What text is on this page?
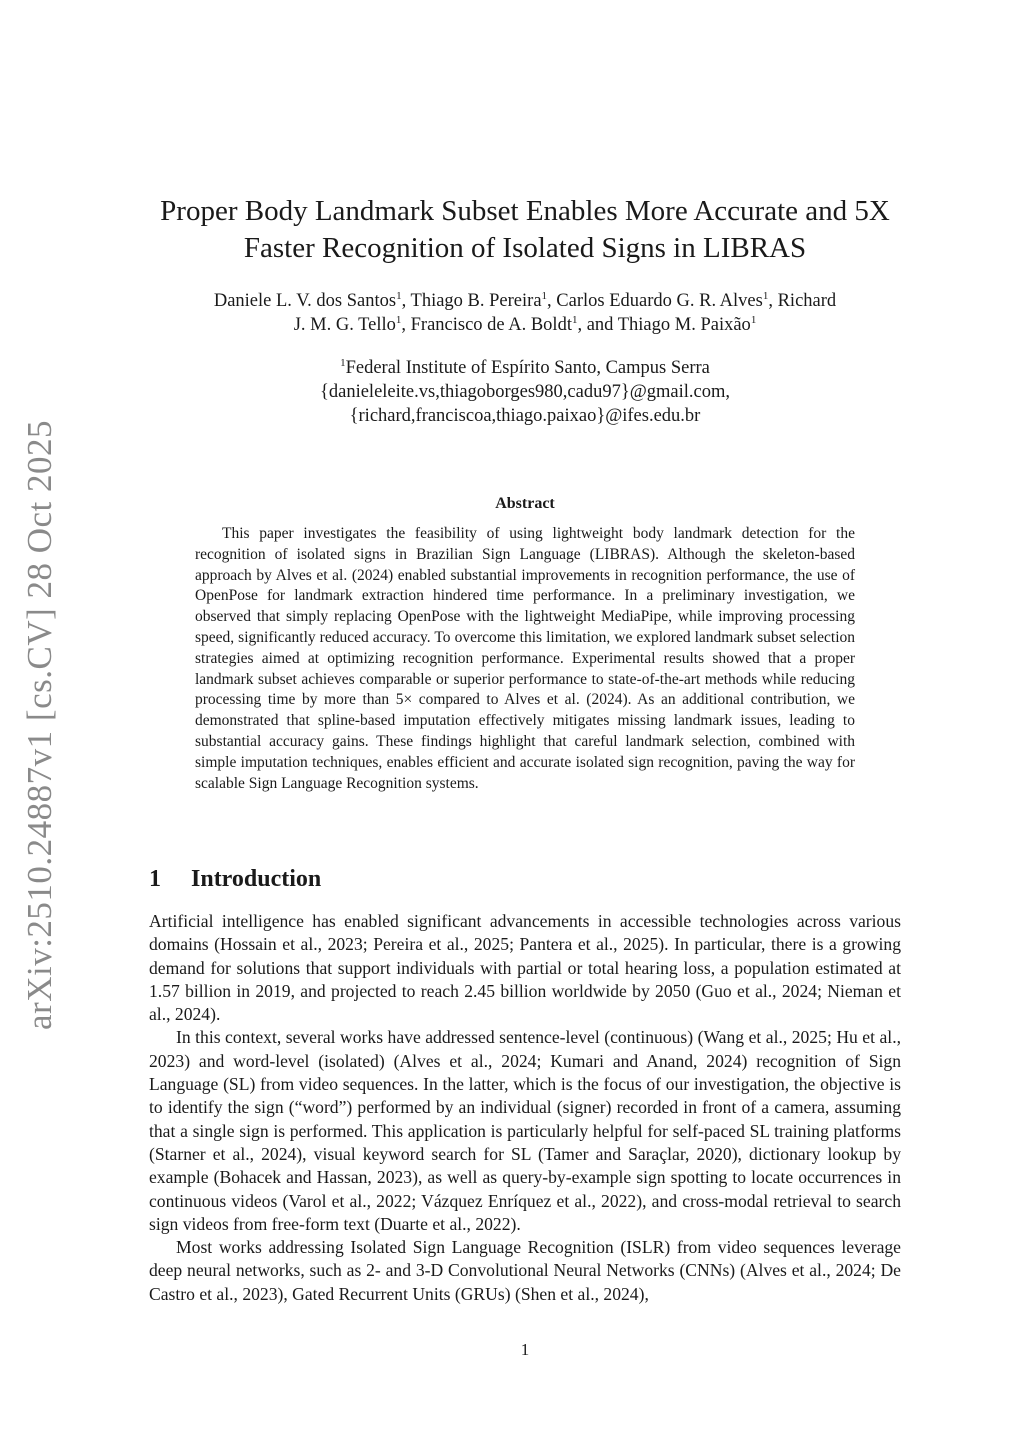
arXiv:2510.24887v1 [cs.CV] 28 Oct 2025
Proper Body Landmark Subset Enables More Accurate and 5X
Faster Recognition of Isolated Signs in LIBRAS
Daniele L. V. dos Santos$^1$, Thiago B. Pereira$^1$, Carlos Eduardo G. R. Alves$^1$, Richard
J. M. G. Tello$^1$, Francisco de A. Boldt$^1$, and Thiago M. Paixão$^1$
$^1$Federal Institute of Espírito Santo, Campus Serra
{danieleleite.vs,thiagoborges980,cadu97}@gmail.com,
{richard,franciscoa,thiago.paixao}@ifes.edu.br
Abstract

This paper investigates the feasibility of using lightweight body landmark detection for the recognition of isolated signs in Brazilian Sign Language (LIBRAS). Although the skeleton-based approach by Alves et al. (2024) enabled substantial improvements in recognition performance, the use of OpenPose for landmark extraction hindered time performance. In a preliminary investigation, we observed that simply replacing OpenPose with the lightweight MediaPipe, while improving processing speed, significantly reduced accuracy. To overcome this limitation, we explored landmark subset selection strategies aimed at optimizing recognition performance. Experimental results showed that a proper landmark subset achieves comparable or superior performance to state-of-the-art methods while reducing processing time by more than 5× compared to Alves et al. (2024). As an additional contribution, we demonstrated that spline-based imputation effectively mitigates missing landmark issues, leading to substantial accuracy gains. These findings highlight that careful landmark selection, combined with simple imputation techniques, enables efficient and accurate isolated sign recognition, paving the way for scalable Sign Language Recognition systems.

1 Introduction

Artificial intelligence has enabled significant advancements in accessible technologies across various domains (Hossain et al., 2023; Pereira et al., 2025; Pantera et al., 2025). In particular, there is a growing demand for solutions that support individuals with partial or total hearing loss, a population estimated at 1.57 billion in 2019, and projected to reach 2.45 billion worldwide by 2050 (Guo et al., 2024; Nieman et al., 2024).

In this context, several works have addressed sentence-level (continuous) (Wang et al., 2025; Hu et al., 2023) and word-level (isolated) (Alves et al., 2024; Kumari and Anand, 2024) recognition of Sign Language (SL) from video sequences. In the latter, which is the focus of our investigation, the objective is to identify the sign (“word”) performed by an individual (signer) recorded in front of a camera, assuming that a single sign is performed. This application is particularly helpful for self-paced SL training platforms (Starner et al., 2024), visual keyword search for SL (Tamer and Saraçlar, 2020), dictionary lookup by example (Bohacek and Hassan, 2023), as well as query-by-example sign spotting to locate occurrences in continuous videos (Varol et al., 2022; Vázquez Enríquez et al., 2022), and cross-modal retrieval to search sign videos from free-form text (Duarte et al., 2022).

Most works addressing Isolated Sign Language Recognition (ISLR) from video sequences leverage deep neural networks, such as 2- and 3-D Convolutional Neural Networks (CNNs) (Alves et al., 2024; De Castro et al., 2023), Gated Recurrent Units (GRUs) (Shen et al., 2024),

1
